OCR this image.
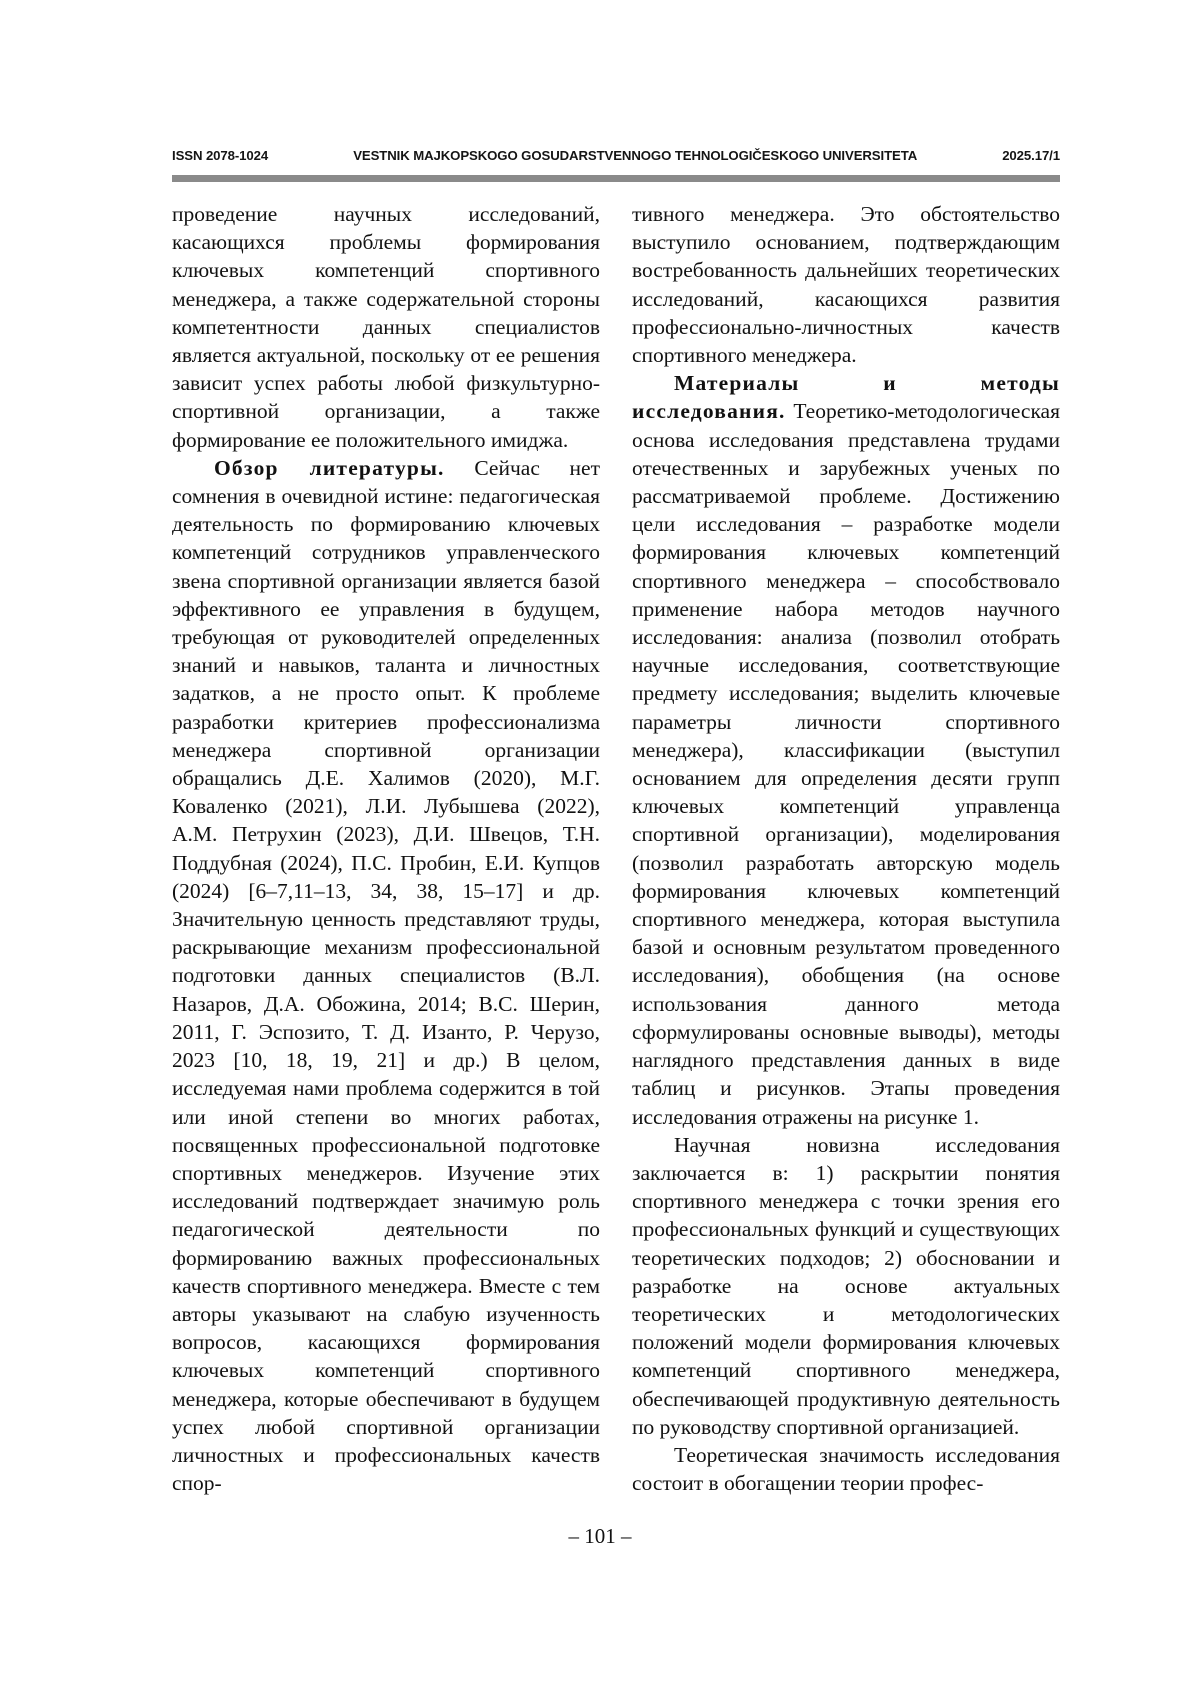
ISSN 2078-1024	VESTNIK MAJKOPSKOGO GOSUDARSTVENNOGO TEHNOLOGIČESKOGO UNIVERSITETA	2025.17/1

проведение научных исследований, касающихся проблемы формирования ключевых компетенций спортивного менеджера, а также содержательной стороны компетентности данных специалистов является актуальной, поскольку от ее решения зависит успех работы любой физкультурно-спортивной организации, а также формирование ее положительного имиджа.

Обзор литературы. Сейчас нет сомнения в очевидной истине: педагогическая деятельность по формированию ключевых компетенций сотрудников управленческого звена спортивной организации является базой эффективного ее управления в будущем, требующая от руководителей определенных знаний и навыков, таланта и личностных задатков, а не просто опыт. К проблеме разработки критериев профессионализма менеджера спортивной организации обращались Д.Е. Халимов (2020), М.Г. Коваленко (2021), Л.И. Лубышева (2022), А.М. Петрухин (2023), Д.И. Швецов, Т.Н. Поддубная (2024), П.С. Пробин, Е.И. Купцов (2024) [6–7,11–13, 34, 38, 15–17] и др. Значительную ценность представляют труды, раскрывающие механизм профессиональной подготовки данных специалистов (В.Л. Назаров, Д.А. Обожина, 2014; В.С. Шерин, 2011, Г. Эспозито, Т. Д. Изанто, Р. Черузо, 2023 [10, 18, 19, 21] и др.) В целом, исследуемая нами проблема содержится в той или иной степени во многих работах, посвященных профессиональной подготовке спортивных менеджеров. Изучение этих исследований подтверждает значимую роль педагогической деятельности по формированию важных профессиональных качеств спортивного менеджера. Вместе с тем авторы указывают на слабую изученность вопросов, касающихся формирования ключевых компетенций спортивного менеджера, которые обеспечивают в будущем успех любой спортивной организации личностных и профессиональных качеств спор-

тивного менеджера. Это обстоятельство выступило основанием, подтверждающим востребованность дальнейших теоретических исследований, касающихся развития профессионально-личностных качеств спортивного менеджера.

Материалы и методы исследования. Теоретико-методологическая основа исследования представлена трудами отечественных и зарубежных ученых по рассматриваемой проблеме. Достижению цели исследования – разработке модели формирования ключевых компетенций спортивного менеджера – способствовало применение набора методов научного исследования: анализа (позволил отобрать научные исследования, соответствующие предмету исследования; выделить ключевые параметры личности спортивного менеджера), классификации (выступил основанием для определения десяти групп ключевых компетенций управленца спортивной организации), моделирования (позволил разработать авторскую модель формирования ключевых компетенций спортивного менеджера, которая выступила базой и основным результатом проведенного исследования), обобщения (на основе использования данного метода сформулированы основные выводы), методы наглядного представления данных в виде таблиц и рисунков. Этапы проведения исследования отражены на рисунке 1.

Научная новизна исследования заключается в: 1) раскрытии понятия спортивного менеджера с точки зрения его профессиональных функций и существующих теоретических подходов; 2) обосновании и разработке на основе актуальных теоретических и методологических положений модели формирования ключевых компетенций спортивного менеджера, обеспечивающей продуктивную деятельность по руководству спортивной организацией.

Теоретическая значимость исследования состоит в обогащении теории профес-

– 101 –
